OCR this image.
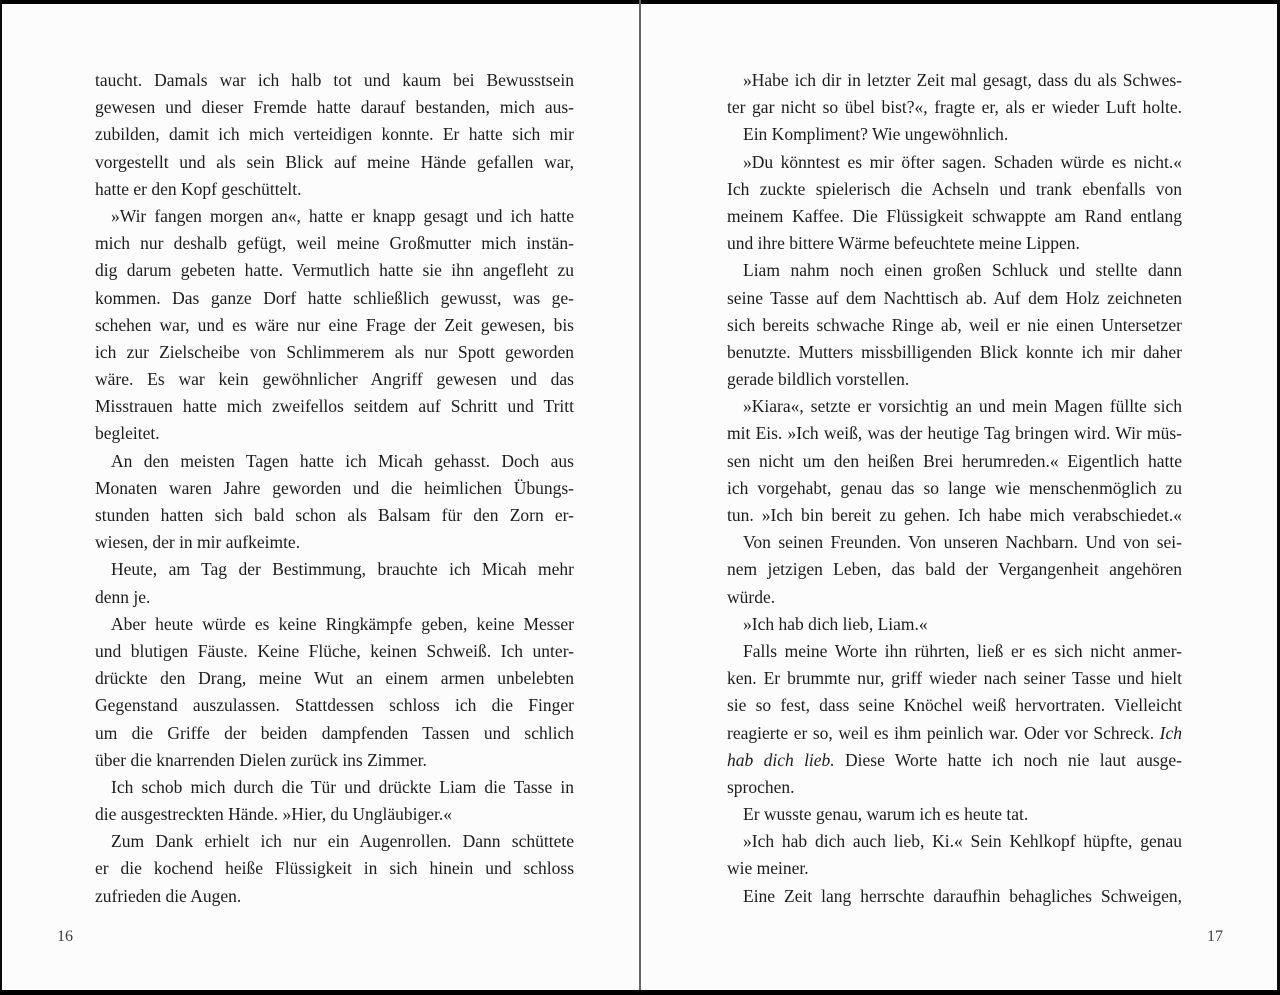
taucht. Damals war ich halb tot und kaum bei Bewusstsein
gewesen und dieser Fremde hatte darauf bestanden, mich aus-
zubilden, damit ich mich verteidigen konnte. Er hatte sich mir
vorgestellt und als sein Blick auf meine Hände gefallen war,
hatte er den Kopf geschüttelt.
»Wir fangen morgen an«, hatte er knapp gesagt und ich hatte
mich nur deshalb gefügt, weil meine Großmutter mich instän-
dig darum gebeten hatte. Vermutlich hatte sie ihn angefleht zu
kommen. Das ganze Dorf hatte schließlich gewusst, was ge-
schehen war, und es wäre nur eine Frage der Zeit gewesen, bis
ich zur Zielscheibe von Schlimmerem als nur Spott geworden
wäre. Es war kein gewöhnlicher Angriff gewesen und das
Misstrauen hatte mich zweifellos seitdem auf Schritt und Tritt
begleitet.
An den meisten Tagen hatte ich Micah gehasst. Doch aus
Monaten waren Jahre geworden und die heimlichen Übungs-
stunden hatten sich bald schon als Balsam für den Zorn er-
wiesen, der in mir aufkeimte.
Heute, am Tag der Bestimmung, brauchte ich Micah mehr
denn je.
Aber heute würde es keine Ringkämpfe geben, keine Messer
und blutigen Fäuste. Keine Flüche, keinen Schweiß. Ich unter-
drückte den Drang, meine Wut an einem armen unbelebten
Gegenstand auszulassen. Stattdessen schloss ich die Finger
um die Griffe der beiden dampfenden Tassen und schlich
über die knarrenden Dielen zurück ins Zimmer.
Ich schob mich durch die Tür und drückte Liam die Tasse in
die ausgestreckten Hände. »Hier, du Ungläubiger.«
Zum Dank erhielt ich nur ein Augenrollen. Dann schüttete
er die kochend heiße Flüssigkeit in sich hinein und schloss
zufrieden die Augen.
16
»Habe ich dir in letzter Zeit mal gesagt, dass du als Schwes-
ter gar nicht so übel bist?«, fragte er, als er wieder Luft holte.
Ein Kompliment? Wie ungewöhnlich.
»Du könntest es mir öfter sagen. Schaden würde es nicht.«
Ich zuckte spielerisch die Achseln und trank ebenfalls von
meinem Kaffee. Die Flüssigkeit schwappte am Rand entlang
und ihre bittere Wärme befeuchtete meine Lippen.
Liam nahm noch einen großen Schluck und stellte dann
seine Tasse auf dem Nachttisch ab. Auf dem Holz zeichneten
sich bereits schwache Ringe ab, weil er nie einen Untersetzer
benutzte. Mutters missbilligenden Blick konnte ich mir daher
gerade bildlich vorstellen.
»Kiara«, setzte er vorsichtig an und mein Magen füllte sich
mit Eis. »Ich weiß, was der heutige Tag bringen wird. Wir müs-
sen nicht um den heißen Brei herumreden.« Eigentlich hatte
ich vorgehabt, genau das so lange wie menschenmöglich zu
tun. »Ich bin bereit zu gehen. Ich habe mich verabschiedet.«
Von seinen Freunden. Von unseren Nachbarn. Und von sei-
nem jetzigen Leben, das bald der Vergangenheit angehören
würde.
»Ich hab dich lieb, Liam.«
Falls meine Worte ihn rührten, ließ er es sich nicht anmer-
ken. Er brummte nur, griff wieder nach seiner Tasse und hielt
sie so fest, dass seine Knöchel weiß hervortraten. Vielleicht
reagierte er so, weil es ihm peinlich war. Oder vor Schreck. Ich
hab dich lieb. Diese Worte hatte ich noch nie laut ausge-
sprochen.
Er wusste genau, warum ich es heute tat.
»Ich hab dich auch lieb, Ki.« Sein Kehlkopf hüpfte, genau
wie meiner.
Eine Zeit lang herrschte daraufhin behagliches Schweigen,
17
